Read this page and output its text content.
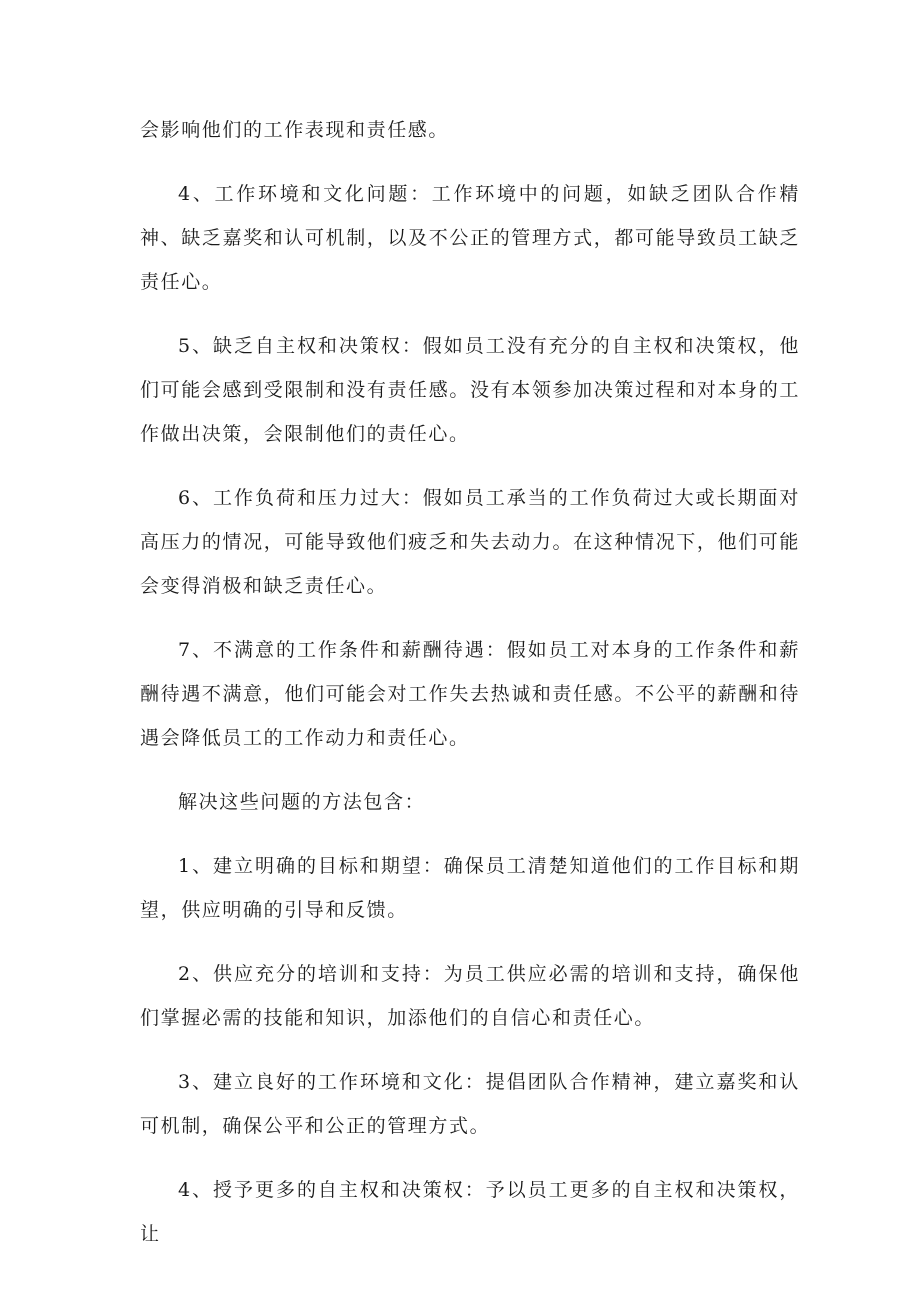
会影响他们的工作表现和责任感。

4、工作环境和文化问题：工作环境中的问题，如缺乏团队合作精神、缺乏嘉奖和认可机制，以及不公正的管理方式，都可能导致员工缺乏责任心。

5、缺乏自主权和决策权：假如员工没有充分的自主权和决策权，他们可能会感到受限制和没有责任感。没有本领参加决策过程和对本身的工作做出决策，会限制他们的责任心。

6、工作负荷和压力过大：假如员工承当的工作负荷过大或长期面对高压力的情况，可能导致他们疲乏和失去动力。在这种情况下，他们可能会变得消极和缺乏责任心。

7、不满意的工作条件和薪酬待遇：假如员工对本身的工作条件和薪酬待遇不满意，他们可能会对工作失去热诚和责任感。不公平的薪酬和待遇会降低员工的工作动力和责任心。

解决这些问题的方法包含：

1、建立明确的目标和期望：确保员工清楚知道他们的工作目标和期望，供应明确的引导和反馈。

2、供应充分的培训和支持：为员工供应必需的培训和支持，确保他们掌握必需的技能和知识，加添他们的自信心和责任心。

3、建立良好的工作环境和文化：提倡团队合作精神，建立嘉奖和认可机制，确保公平和公正的管理方式。

4、授予更多的自主权和决策权：予以员工更多的自主权和决策权，让
